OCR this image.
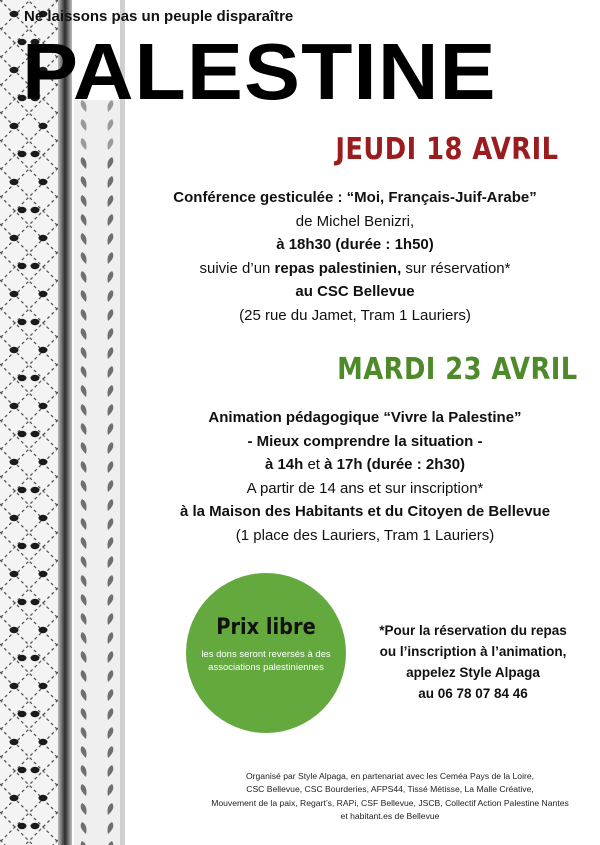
Ne laissons pas un peuple disparaître
PALESTINE
JEUDI 18 AVRIL
Conférence gesticulée : “Moi, Français-Juif-Arabe”
de Michel Benizri,
à 18h30 (durée : 1h50)
suivie d’un repas palestinien, sur réservation*
au CSC Bellevue
(25 rue du Jamet, Tram 1 Lauriers)
MARDI 23 AVRIL
Animation pédagogique “Vivre la Palestine”
- Mieux comprendre la situation -
à 14h et à 17h (durée : 2h30)
A partir de 14 ans et sur inscription*
à la Maison des Habitants et du Citoyen de Bellevue
(1 place des Lauriers, Tram 1 Lauriers)
Prix libre
les dons seront reversés à des associations palestiniennes
*Pour la réservation du repas
ou l’inscription à l’animation,
appelez Style Alpaga
au 06 78 07 84 46
Organisé par Style Alpaga, en partenariat avec les Ceméa Pays de la Loire,
CSC Bellevue, CSC Bourderies, AFPS44, Tissé Métisse, La Malle Créative,
Mouvement de la paix, Regart’s, RAPi, CSF Bellevue, JSCB, Collectif Action Palestine Nantes
et habitant.es de Bellevue
